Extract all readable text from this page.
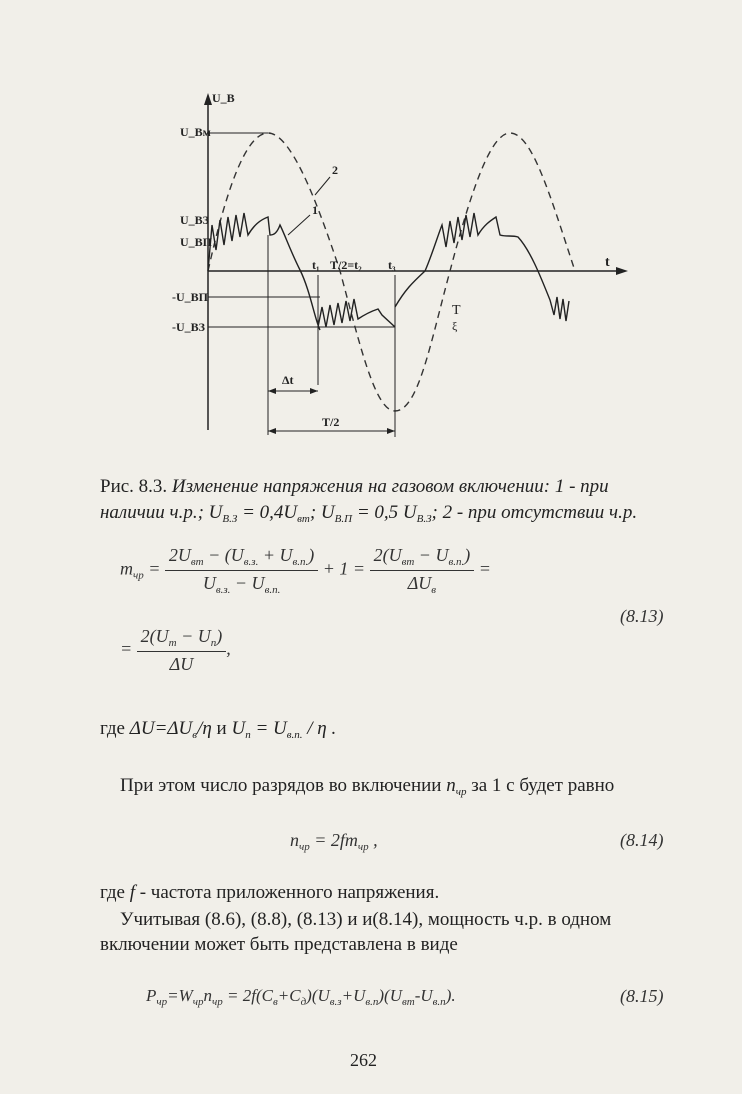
U_В
U_Вм
U_ВЗ
U_ВП
-U_ВП
-U_ВЗ
t
t₁ T/2=t₂ t₃
2
1
Δt
T/2
T
ξ
Рис. 8.3. Изменение напряжения на газовом включении: 1 - при
наличии ч.р.; $U_{В.З} = 0,4U_{вт}$; $U_{В.П} = 0,5$ $U_{В.З}$; 2 - при отсутствии ч.р.
$m_{чр} = \frac{2U_{вт} - (U_{в.з.} + U_{в.п.})}{U_{в.з.} - U_{в.п.}} + 1 = \frac{2(U_{вт} - U_{в.п.})}{\Delta U_в}$ =
= $\frac{2(U_m - U_n)}{\Delta U}$ ,
(8.13)
где $\Delta U=\Delta U_в/\eta$ и $U_n = U_{в.п.} / \eta$ .
При этом число разрядов во включении $n_{чр}$ за 1 с будет равно
$n_{чр} = 2fm_{чр}$ ,	(8.14)
где f - частота приложенного напряжения.
Учитывая (8.6), (8.8), (8.13) и и(8.14), мощность ч.р. в одном
включении может быть представлена в виде
$P_{чр}=W_{чр}n_{чр} = 2f(C_в+C_д)(U_{в.з}+U_{в.п})(U_{вт}-U_{в.п})$.	(8.15)
262
